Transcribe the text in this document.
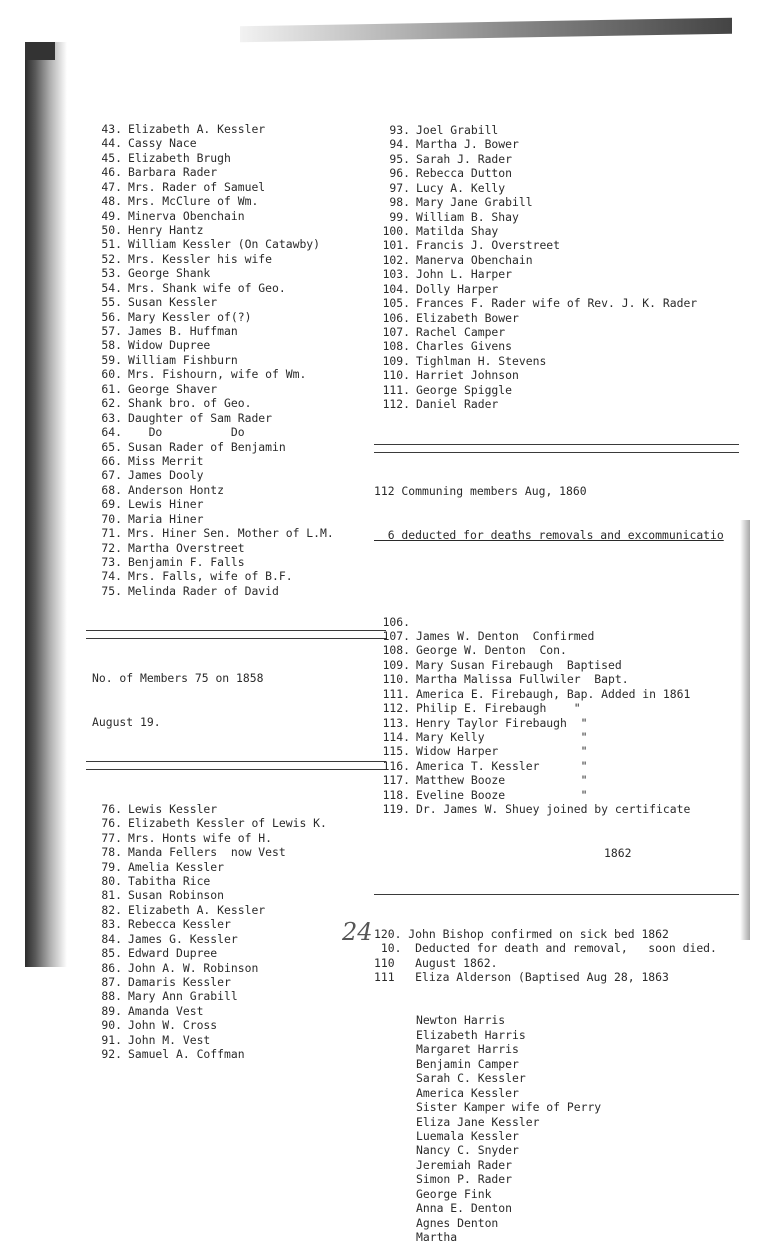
43. Elizabeth A. Kessler
44. Cassy Nace
45. Elizabeth Brugh
46. Barbara Rader
47. Mrs. Rader of Samuel
48. Mrs. McClure of Wm.
49. Minerva Obenchain
50. Henry Hantz
51. William Kessler (On Catawby)
52. Mrs. Kessler his wife
53. George Shank
54. Mrs. Shank wife of Geo.
55. Susan Kessler
56. Mary Kessler of(?)
57. James B. Huffman
58. Widow Dupree
59. William Fishburn
60. Mrs. Fishourn, wife of Wm.
61. George Shaver
62. Shank bro. of Geo.
63. Daughter of Sam Rader
64. Do          Do
65. Susan Rader of Benjamin
66. Miss Merrit
67. James Dooly
68. Anderson Hontz
69. Lewis Hiner
70. Maria Hiner
71. Mrs. Hiner Sen. Mother of L.M.
72. Martha Overstreet
73. Benjamin F. Falls
74. Mrs. Falls, wife of B.F.
75. Melinda Rader of David

No. of Members 75 on 1858

August 19.

76. Lewis Kessler
76. Elizabeth Kessler of Lewis K.
77. Mrs. Honts wife of H.
78. Manda Fellers  now Vest
79. Amelia Kessler
80. Tabitha Rice
81. Susan Robinson
82. Elizabeth A. Kessler
83. Rebecca Kessler
84. James G. Kessler
85. Edward Dupree
86. John A. W. Robinson
87. Damaris Kessler
88. Mary Ann Grabill
89. Amanda Vest
90. John W. Cross
91. John M. Vest
92. Samuel A. Coffman

93. Joel Grabill
94. Martha J. Bower
95. Sarah J. Rader
96. Rebecca Dutton
97. Lucy A. Kelly
98. Mary Jane Grabill
99. William B. Shay
100. Matilda Shay
101. Francis J. Overstreet
102. Manerva Obenchain
103. John L. Harper
104. Dolly Harper
105. Frances F. Rader wife of Rev. J. K. Rader
106. Elizabeth Bower
107. Rachel Camper
108. Charles Givens
109. Tighlman H. Stevens
110. Harriet Johnson
111. George Spiggle
112. Daniel Rader

112 Communing members Aug, 1860

6 deducted for deaths removals and excommunicatio

106.
107. James W. Denton  Confirmed
108. George W. Denton  Con.
109. Mary Susan Firebaugh  Baptised
110. Martha Malissa Fullwiler  Bapt.
111. America E. Firebaugh, Bap. Added in 1861
112. Philip E. Firebaugh    "
113. Henry Taylor Firebaugh  "
114. Mary Kelly              "
115. Widow Harper            "
116. America T. Kessler      "
117. Matthew Booze           "
118. Eveline Booze           "
119. Dr. James W. Shuey joined by certificate

1862

120. John Bishop confirmed on sick bed 1862
10.  Deducted for death and removal,   soon died.
110   August 1862.
111   Eliza Alderson (Baptised Aug 28, 1863

Newton Harris
Elizabeth Harris
Margaret Harris
Benjamin Camper
Sarah C. Kessler
America Kessler
Sister Kamper wife of Perry
Eliza Jane Kessler
Luemala Kessler
Nancy C. Snyder
Jeremiah Rader
Simon P. Rader
George Fink
Anna E. Denton
Agnes Denton
Martha

24
